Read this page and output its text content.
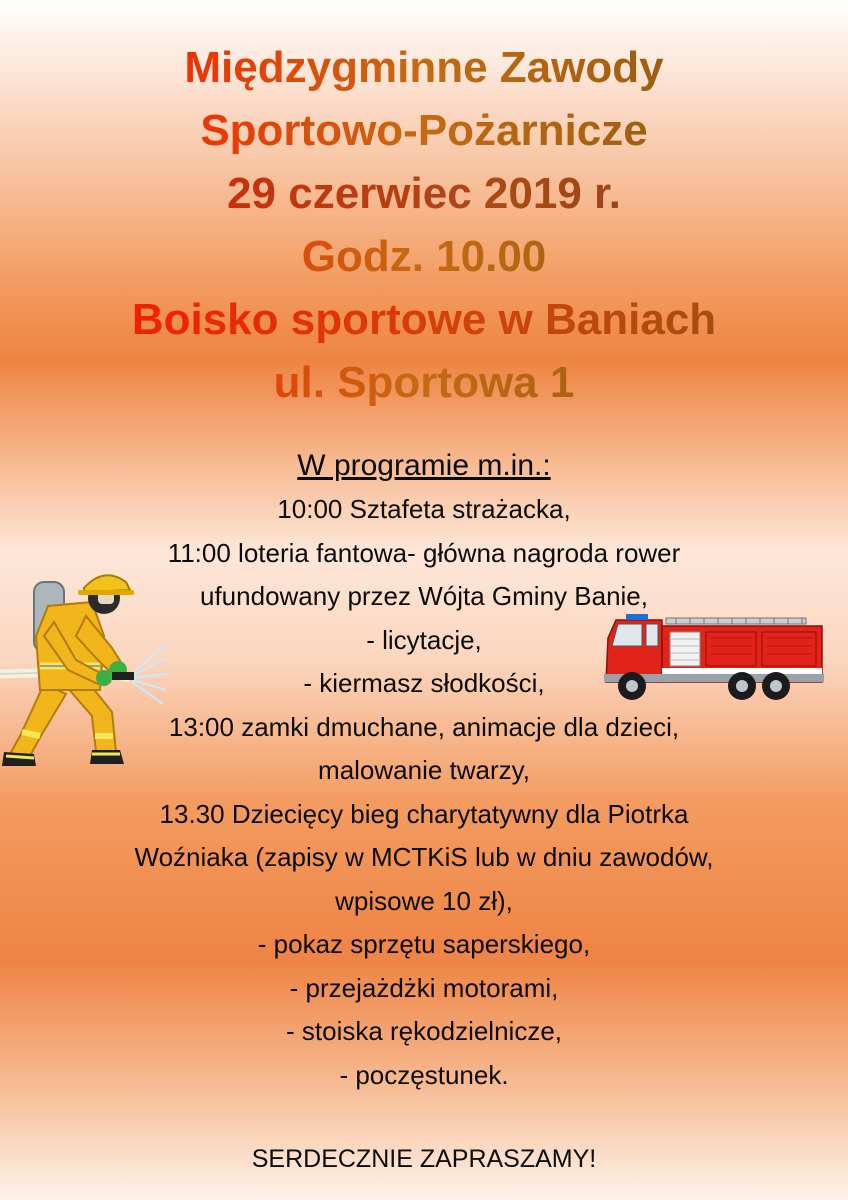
Międzygminne Zawody

Sportowo-Pożarnicze

29 czerwiec 2019 r.

Godz. 10.00

Boisko sportowe w Baniach

ul. Sportowa 1

W programie m.in.:

10:00 Sztafeta strażacka,
11:00 loteria fantowa- główna nagroda rower
ufundowany przez Wójta Gminy Banie,
- licytacje,
- kiermasz słodkości,
13:00 zamki dmuchane, animacje dla dzieci,
malowanie twarzy,
13.30 Dziecięcy bieg charytatywny dla Piotrka
Woźniaka (zapisy w MCTKiS lub w dniu zawodów,
wpisowe 10 zł),
- pokaz sprzętu saperskiego,
- przejażdżki motorami,
- stoiska rękodzielnicze,
- poczęstunek.
SERDECZNIE ZAPRASZAMY!
